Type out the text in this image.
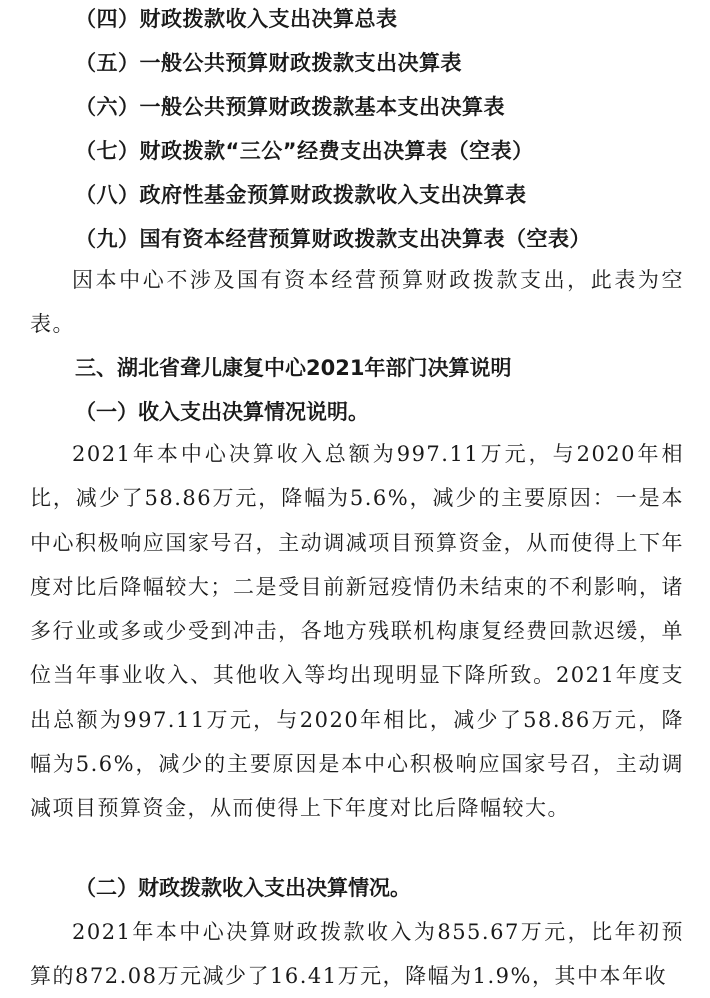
（四）财政拨款收入支出决算总表
（五）一般公共预算财政拨款支出决算表
（六）一般公共预算财政拨款基本支出决算表
（七）财政拨款“三公”经费支出决算表（空表）
（八）政府性基金预算财政拨款收入支出决算表
（九）国有资本经营预算财政拨款支出决算表（空表）
因本中心不涉及国有资本经营预算财政拨款支出，此表为空表。
三、湖北省聋儿康复中心2021年部门决算说明
（一）收入支出决算情况说明。
2021年本中心决算收入总额为997.11万元，与2020年相比，减少了58.86万元，降幅为5.6%，减少的主要原因：一是本中心积极响应国家号召，主动调减项目预算资金，从而使得上下年度对比后降幅较大；二是受目前新冠疫情仍未结束的不利影响，诸多行业或多或少受到冲击，各地方残联机构康复经费回款迟缓，单位当年事业收入、其他收入等均出现明显下降所致。2021年度支出总额为997.11万元，与2020年相比，减少了58.86万元，降幅为5.6%，减少的主要原因是本中心积极响应国家号召，主动调减项目预算资金，从而使得上下年度对比后降幅较大。
（二）财政拨款收入支出决算情况。
2021年本中心决算财政拨款收入为855.67万元，比年初预算的872.08万元减少了16.41万元，降幅为1.9%，其中本年收
